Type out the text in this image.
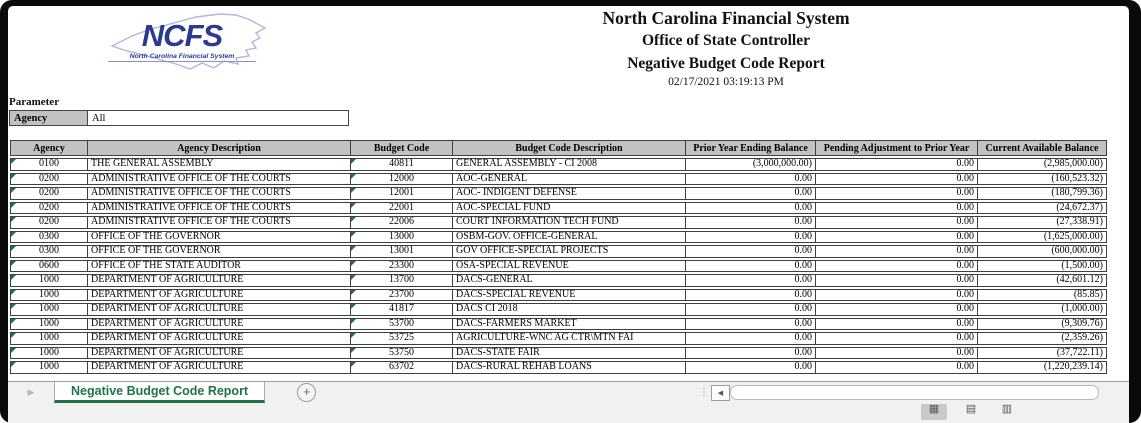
NCFS
North Carolina Financial System
North Carolina Financial System
Office of State Controller
Negative Budget Code Report
02/17/2021 03:19:13 PM
Parameter
Agency	All
Agency	Agency Description	Budget Code	Budget Code Description	Prior Year Ending Balance	Pending Adjustment to Prior Year	Current Available Balance
0100	THE GENERAL ASSEMBLY	40811	GENERAL ASSEMBLY - CI 2008	(3,000,000.00)	0.00	(2,985,000.00)
0200	ADMINISTRATIVE OFFICE OF THE COURTS	12000	AOC-GENERAL	0.00	0.00	(160,523.32)
0200	ADMINISTRATIVE OFFICE OF THE COURTS	12001	AOC- INDIGENT DEFENSE	0.00	0.00	(180,799.36)
0200	ADMINISTRATIVE OFFICE OF THE COURTS	22001	AOC-SPECIAL FUND	0.00	0.00	(24,672.37)
0200	ADMINISTRATIVE OFFICE OF THE COURTS	22006	COURT INFORMATION TECH FUND	0.00	0.00	(27,338.91)
0300	OFFICE OF THE GOVERNOR	13000	OSBM-GOV. OFFICE-GENERAL	0.00	0.00	(1,625,000.00)
0300	OFFICE OF THE GOVERNOR	13001	GOV OFFICE-SPECIAL PROJECTS	0.00	0.00	(600,000.00)
0600	OFFICE OF THE STATE AUDITOR	23300	OSA-SPECIAL REVENUE	0.00	0.00	(1,500.00)
1000	DEPARTMENT OF AGRICULTURE	13700	DACS-GENERAL	0.00	0.00	(42,601.12)
1000	DEPARTMENT OF AGRICULTURE	23700	DACS-SPECIAL REVENUE	0.00	0.00	(85.85)
1000	DEPARTMENT OF AGRICULTURE	41817	DACS CI 2018	0.00	0.00	(1,000.00)
1000	DEPARTMENT OF AGRICULTURE	53700	DACS-FARMERS MARKET	0.00	0.00	(9,309.76)
1000	DEPARTMENT OF AGRICULTURE	53725	AGRICULTURE-WNC AG CTR\MTN FAI	0.00	0.00	(2,359.26)
1000	DEPARTMENT OF AGRICULTURE	53750	DACS-STATE FAIR	0.00	0.00	(37,722.11)
1000	DEPARTMENT OF AGRICULTURE	63702	DACS-RURAL REHAB LOANS	0.00	0.00	(1,220,239.14)
▶	Negative Budget Code Report	+	⋮	◀
▦	▤	▥
